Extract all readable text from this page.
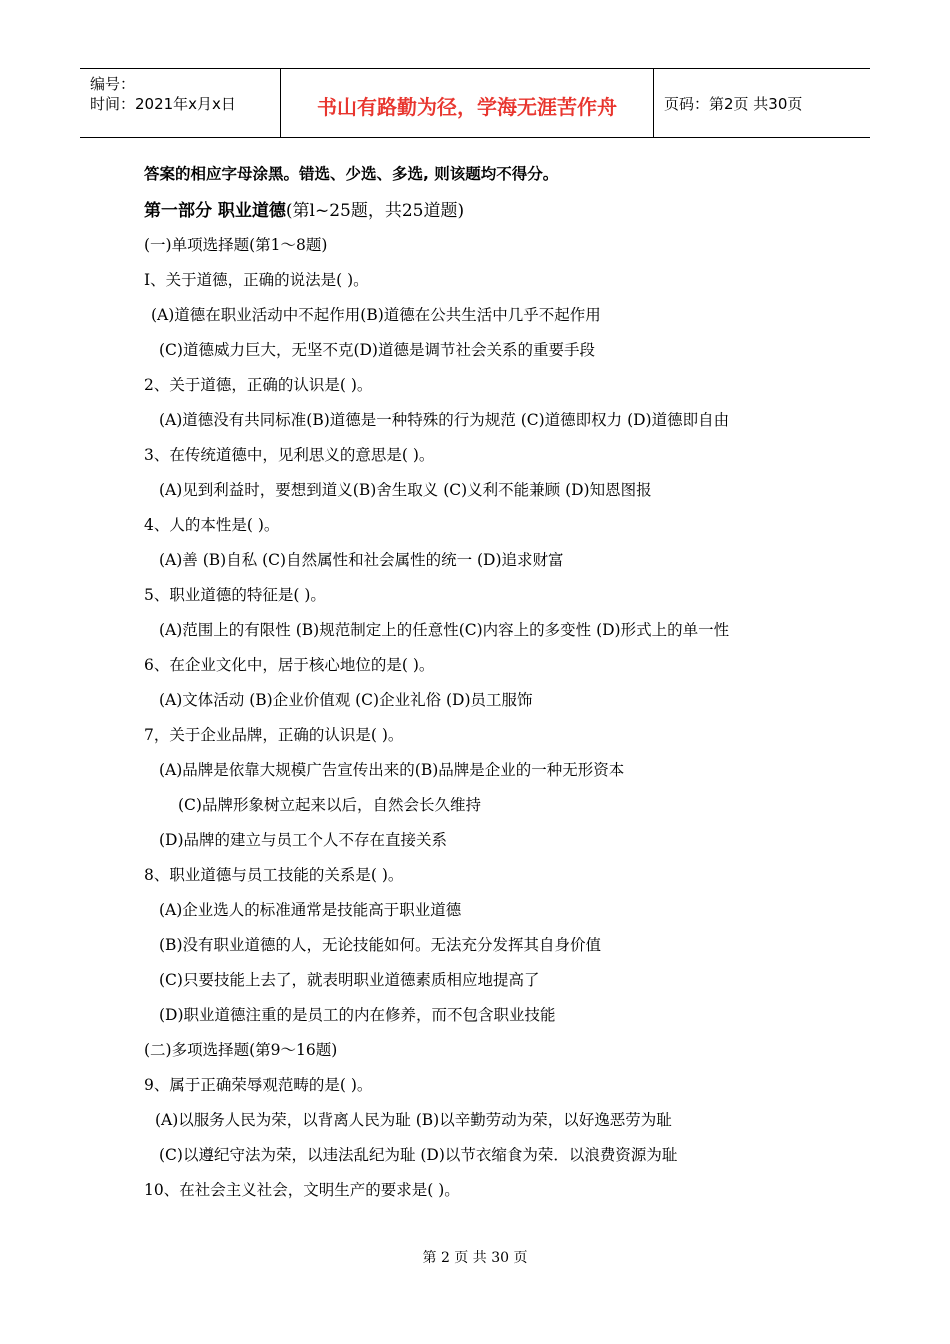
编号：
时间：2021年x月x日	书山有路勤为径，学海无涯苦作舟	页码：第2页 共30页
答案的相应字母涂黑。错选、少选、多选, 则该题均不得分。
第一部分 职业道德(第l~25题，共25道题)
(一)单项选择题(第1～8题)
I、关于道德，正确的说法是( )。
(A)道德在职业活动中不起作用(B)道德在公共生活中几乎不起作用
(C)道德威力巨大，无坚不克(D)道德是调节社会关系的重要手段
2、关于道德，正确的认识是( )。
(A)道德没有共同标准(B)道德是一种特殊的行为规范 (C)道德即权力 (D)道德即自由
3、在传统道德中，见利思义的意思是( )。
(A)见到利益时，要想到道义(B)舍生取义 (C)义利不能兼顾 (D)知恩图报
4、人的本性是( )。
(A)善 (B)自私 (C)自然属性和社会属性的统一 (D)追求财富
5、职业道德的特征是( )。
(A)范围上的有限性 (B)规范制定上的任意性(C)内容上的多变性 (D)形式上的单一性
6、在企业文化中，居于核心地位的是( )。
(A)文体活动 (B)企业价值观 (C)企业礼俗 (D)员工服饰
7，关于企业品牌，正确的认识是( )。
(A)品牌是依靠大规模广告宣传出来的(B)品牌是企业的一种无形资本
(C)品牌形象树立起来以后，自然会长久维持
(D)品牌的建立与员工个人不存在直接关系
8、职业道德与员工技能的关系是( )。
(A)企业选人的标准通常是技能高于职业道德
(B)没有职业道德的人，无论技能如何。无法充分发挥其自身价值
(C)只要技能上去了，就表明职业道德素质相应地提高了
(D)职业道德注重的是员工的内在修养，而不包含职业技能
(二)多项选择题(第9～16题)
9、属于正确荣辱观范畴的是( )。
(A)以服务人民为荣，以背离人民为耻 (B)以辛勤劳动为荣，以好逸恶劳为耻
(C)以遵纪守法为荣，以违法乱纪为耻 (D)以节衣缩食为荣．以浪费资源为耻
10、在社会主义社会，文明生产的要求是( )。
第 2 页 共 30 页
